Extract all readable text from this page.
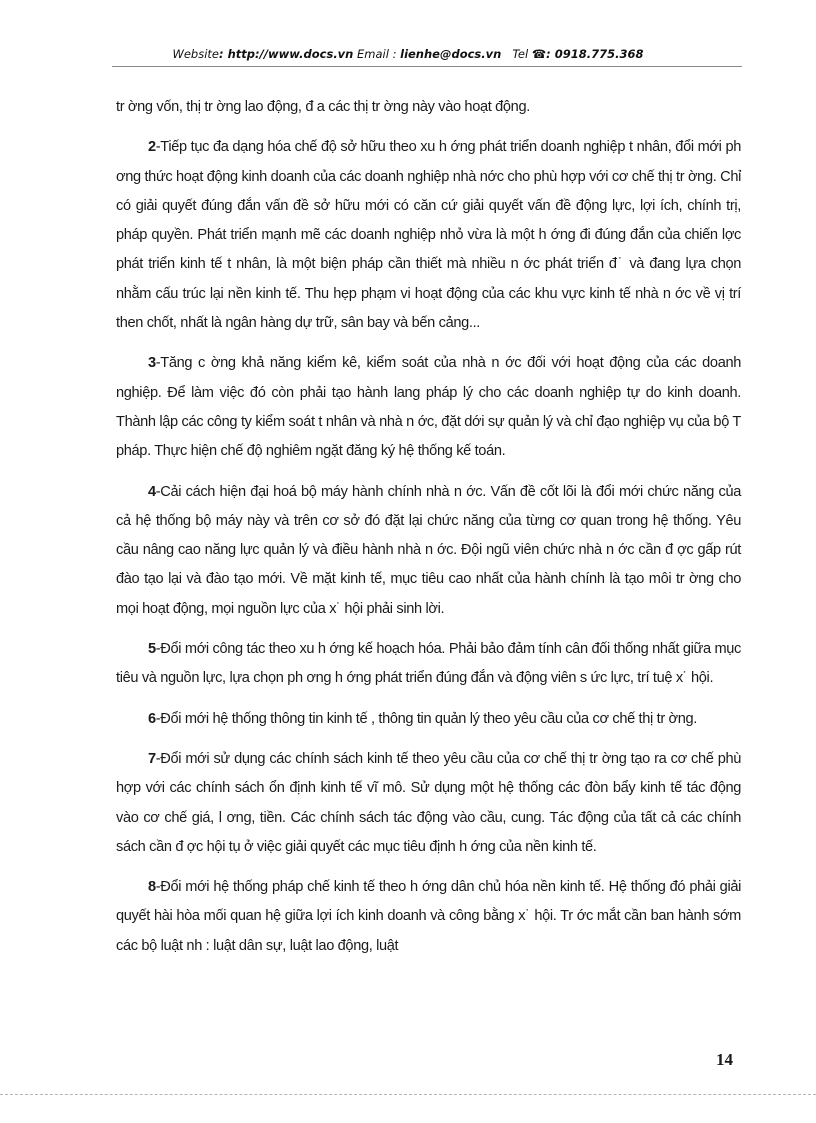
Website: http://www.docs.vn Email : lienhe@docs.vn Tel ☎: 0918.775.368

tr ờng vốn, thị tr ờng lao động, đ a các thị tr ờng này vào hoạt động.

2-Tiếp tục đa dạng hóa chế độ sở hữu theo xu h ớng phát triển doanh nghiệp t nhân, đổi mới ph ơng thức hoạt động kinh doanh của các doanh nghiệp nhà nớc cho phù hợp với cơ chế thị tr ờng. Chỉ có giải quyết đúng đắn vấn đề sở hữu mới có căn cứ giải quyết vấn đề động lực, lợi ích, chính trị, pháp quyền. Phát triển mạnh mẽ các doanh nghiệp nhỏ vừa là một h ớng đi đúng đắn của chiến lợc phát triển kinh tế t nhân, là một biện pháp cần thiết mà nhiều n ớc phát triển đ˙ và đang lựa chọn nhằm cấu trúc lại nền kinh tế. Thu hẹp phạm vi hoạt động của các khu vực kinh tế nhà n ớc về vị trí then chốt, nhất là ngân hàng dự trữ, sân bay và bến cảng...

3-Tăng c ờng khả năng kiểm kê, kiểm soát của nhà n ớc đối với hoạt động của các doanh nghiệp. Để làm việc đó còn phải tạo hành lang pháp lý cho các doanh nghiệp tự do kinh doanh. Thành lập các công ty kiểm soát t nhân và nhà n ớc, đặt dới sự quản lý và chỉ đạo nghiệp vụ của bộ T pháp. Thực hiện chế độ nghiêm ngặt đăng ký hệ thống kế toán.

4-Cải cách hiện đại hoá bộ máy hành chính nhà n ớc. Vấn đề cốt lõi là đổi mới chức năng của cả hệ thống bộ máy này và trên cơ sở đó đặt lại chức năng của từng cơ quan trong hệ thống. Yêu cầu nâng cao năng lực quản lý và điều hành nhà n ớc. Đội ngũ viên chức nhà n ớc cần đ ợc gấp rút đào tạo lại và đào tạo mới. Về mặt kinh tế, mục tiêu cao nhất của hành chính là tạo môi tr ờng cho mọi hoạt động, mọi nguồn lực của x˙ hội phải sinh lời.

5-Đổi mới công tác theo xu h ớng kế hoạch hóa. Phải bảo đảm tính cân đối thống nhất giữa mục tiêu và nguồn lực, lựa chọn ph ơng h ớng phát triển đúng đắn và động viên s ức lực, trí tuệ x˙ hội.

6-Đổi mới hệ thống thông tin kinh tế , thông tin quản lý theo yêu cầu của cơ chế thị tr ờng.

7-Đổi mới sử dụng các chính sách kinh tế theo yêu cầu của cơ chế thị tr ờng tạo ra cơ chế phù hợp với các chính sách ổn định kinh tế vĩ mô. Sử dụng một hệ thống các đòn bẩy kinh tế tác động vào cơ chế giá, l ơng, tiền. Các chính sách tác động vào cầu, cung. Tác động của tất cả các chính sách cần đ ợc hội tụ ở việc giải quyết các mục tiêu định h ớng của nền kinh tế.

8-Đổi mới hệ thống pháp chế kinh tế theo h ớng dân chủ hóa nền kinh tế. Hệ thống đó phải giải quyết hài hòa mối quan hệ giữa lợi ích kinh doanh và công bằng x˙ hội. Tr ớc mắt cần ban hành sớm các bộ luật nh : luật dân sự, luật lao động, luật

14
